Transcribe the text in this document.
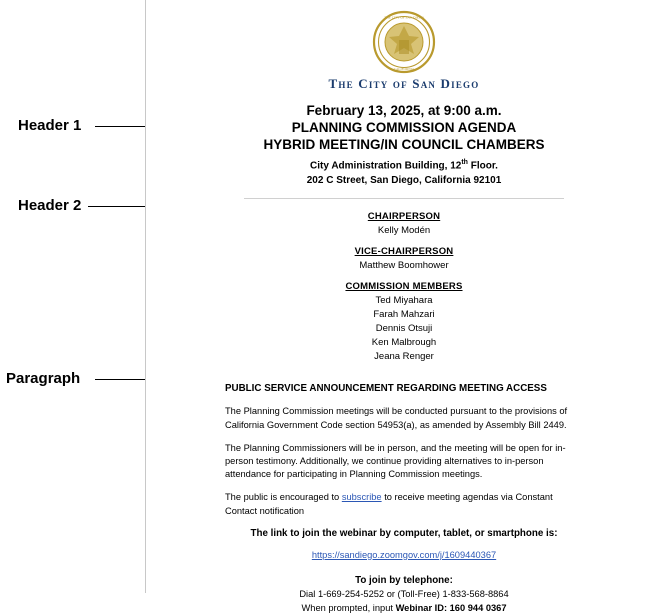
Header 1
Header 2
Paragraph
THE CITY OF SAN DIEGO
CALIFORNIA
The City of San Diego
February 13, 2025, at 9:00 a.m.
PLANNING COMMISSION AGENDA
HYBRID MEETING/IN COUNCIL CHAMBERS
City Administration Building, 12th Floor.
202 C Street, San Diego, California 92101
CHAIRPERSON
Kelly Modén
VICE-CHAIRPERSON
Matthew Boomhower
COMMISSION MEMBERS
Ted Miyahara
Farah Mahzari
Dennis Otsuji
Ken Malbrough
Jeana Renger
PUBLIC SERVICE ANNOUNCEMENT REGARDING MEETING ACCESS
The Planning Commission meetings will be conducted pursuant to the provisions of California Government Code section 54953(a), as amended by Assembly Bill 2449.
The Planning Commissioners will be in person, and the meeting will be open for in-person testimony. Additionally, we continue providing alternatives to in-person attendance for participating in Planning Commission meetings.
The public is encouraged to subscribe to receive meeting agendas via Constant Contact notification
The link to join the webinar by computer, tablet, or smartphone is:
https://sandiego.zoomgov.com/j/1609440367
To join by telephone:
Dial 1-669-254-5252 or (Toll-Free) 1-833-568-8864
When prompted, input Webinar ID: 160 944 0367
